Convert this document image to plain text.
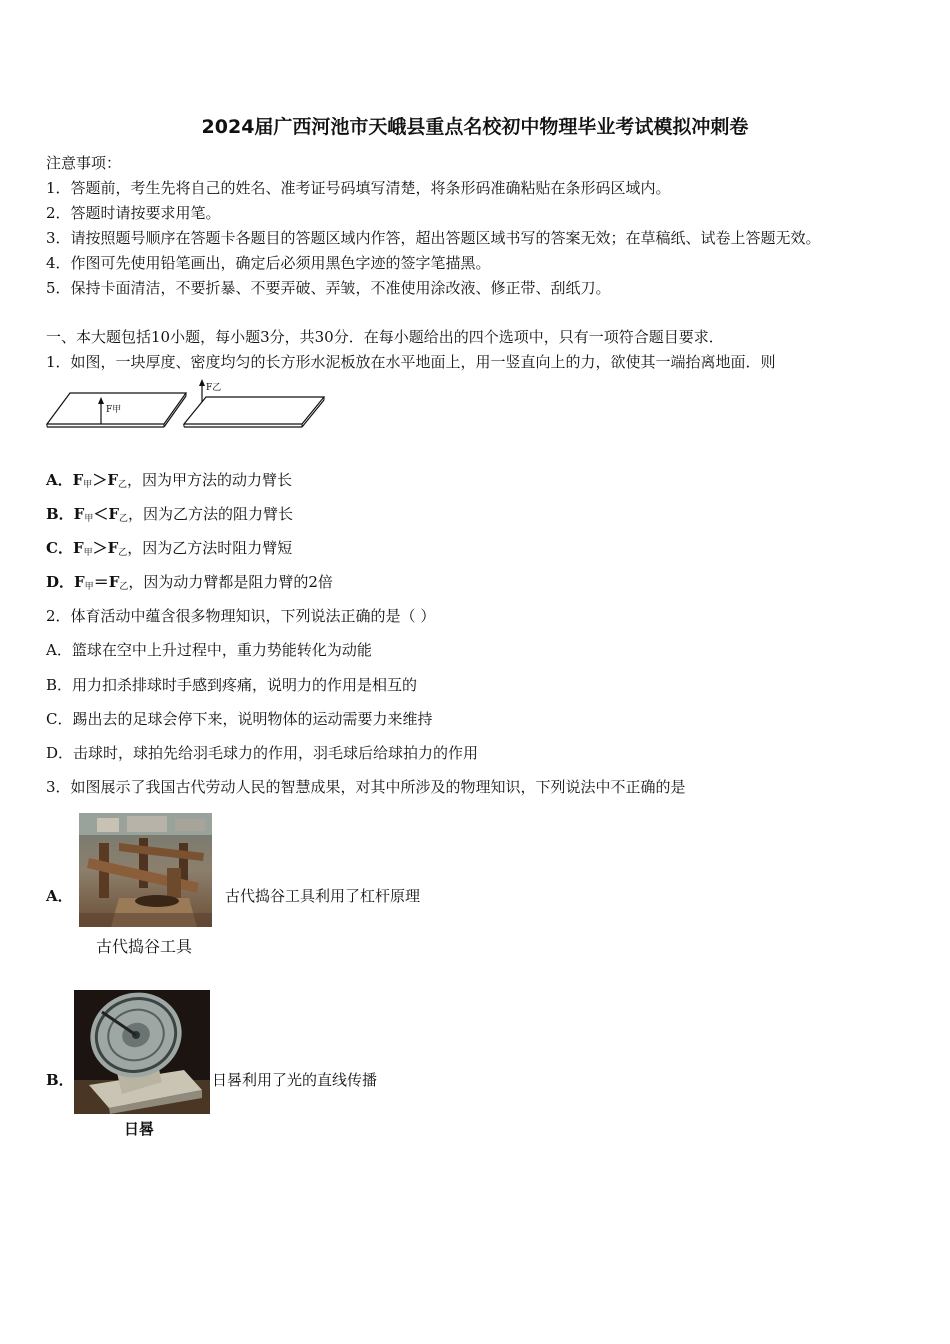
2024届广西河池市天峨县重点名校初中物理毕业考试模拟冲刺卷
注意事项：
1．答题前，考生先将自己的姓名、准考证号码填写清楚，将条形码准确粘贴在条形码区域内。
2．答题时请按要求用笔。
3．请按照题号顺序在答题卡各题目的答题区域内作答，超出答题区域书写的答案无效；在草稿纸、试卷上答题无效。
4．作图可先使用铅笔画出，确定后必须用黑色字迹的签字笔描黑。
5．保持卡面清洁，不要折暴、不要弄破、弄皱，不准使用涂改液、修正带、刮纸刀。
一、本大题包括10小题，每小题3分，共30分．在每小题给出的四个选项中，只有一项符合题目要求．
1．如图，一块厚度、密度均匀的长方形水泥板放在水平地面上，用一竖直向上的力，欲使其一端抬离地面．则
F甲
F乙
A．$F_甲>F_乙$，因为甲方法的动力臂长
B．$F_甲<F_乙$，因为乙方法的阻力臂长
C．$F_甲>F_乙$，因为乙方法时阻力臂短
D．$F_甲=F_乙$，因为动力臂都是阻力臂的2倍
2．体育活动中蕴含很多物理知识，下列说法正确的是（ ）
A．篮球在空中上升过程中，重力势能转化为动能
B．用力扣杀排球时手感到疼痛，说明力的作用是相互的
C．踢出去的足球会停下来，说明物体的运动需要力来维持
D．击球时，球拍先给羽毛球力的作用，羽毛球后给球拍力的作用
3．如图展示了我国古代劳动人民的智慧成果，对其中所涉及的物理知识，下列说法中不正确的是
A．
古代捣谷工具
古代捣谷工具利用了杠杆原理
B．
日晷
日晷利用了光的直线传播
